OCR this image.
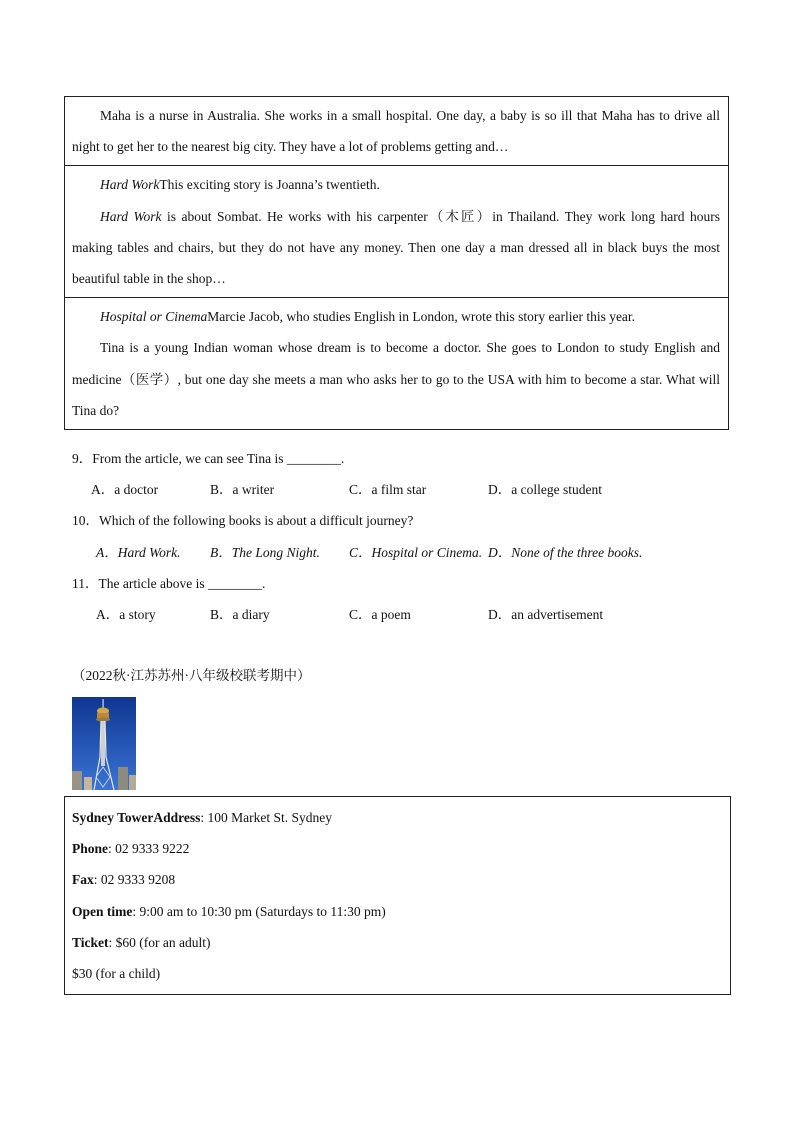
Maha is a nurse in Australia. She works in a small hospital. One day, a baby is so ill that Maha has to drive all night to get her to the nearest big city. They have a lot of problems getting and…

Hard WorkThis exciting story is Joanna’s twentieth.

Hard Work is about Sombat. He works with his carpenter（木匠）in Thailand. They work long hard hours making tables and chairs, but they do not have any money. Then one day a man dressed all in black buys the most beautiful table in the shop…

Hospital or CinemaMarcie Jacob, who studies English in London, wrote this story earlier this year.

Tina is a young Indian woman whose dream is to become a doctor. She goes to London to study English and medicine（医学）, but one day she meets a man who asks her to go to the USA with him to become a star. What will Tina do?

9．From the article, we can see Tina is ________.
A．a doctor	B．a writer	C．a film star	D．a college student
10．Which of the following books is about a difficult journey?
A．Hard Work. B．The Long Night. C．Hospital or Cinema. D．None of the three books.
11．The article above is ________.
A．a story	B．a diary	C．a poem	D．an advertisement
（2022秋·江苏苏州·八年级校联考期中）
Sydney TowerAddress: 100 Market St. Sydney
Phone: 02 9333 9222
Fax: 02 9333 9208
Open time: 9:00 am to 10:30 pm (Saturdays to 11:30 pm)
Ticket: $60 (for an adult)
$30 (for a child)
